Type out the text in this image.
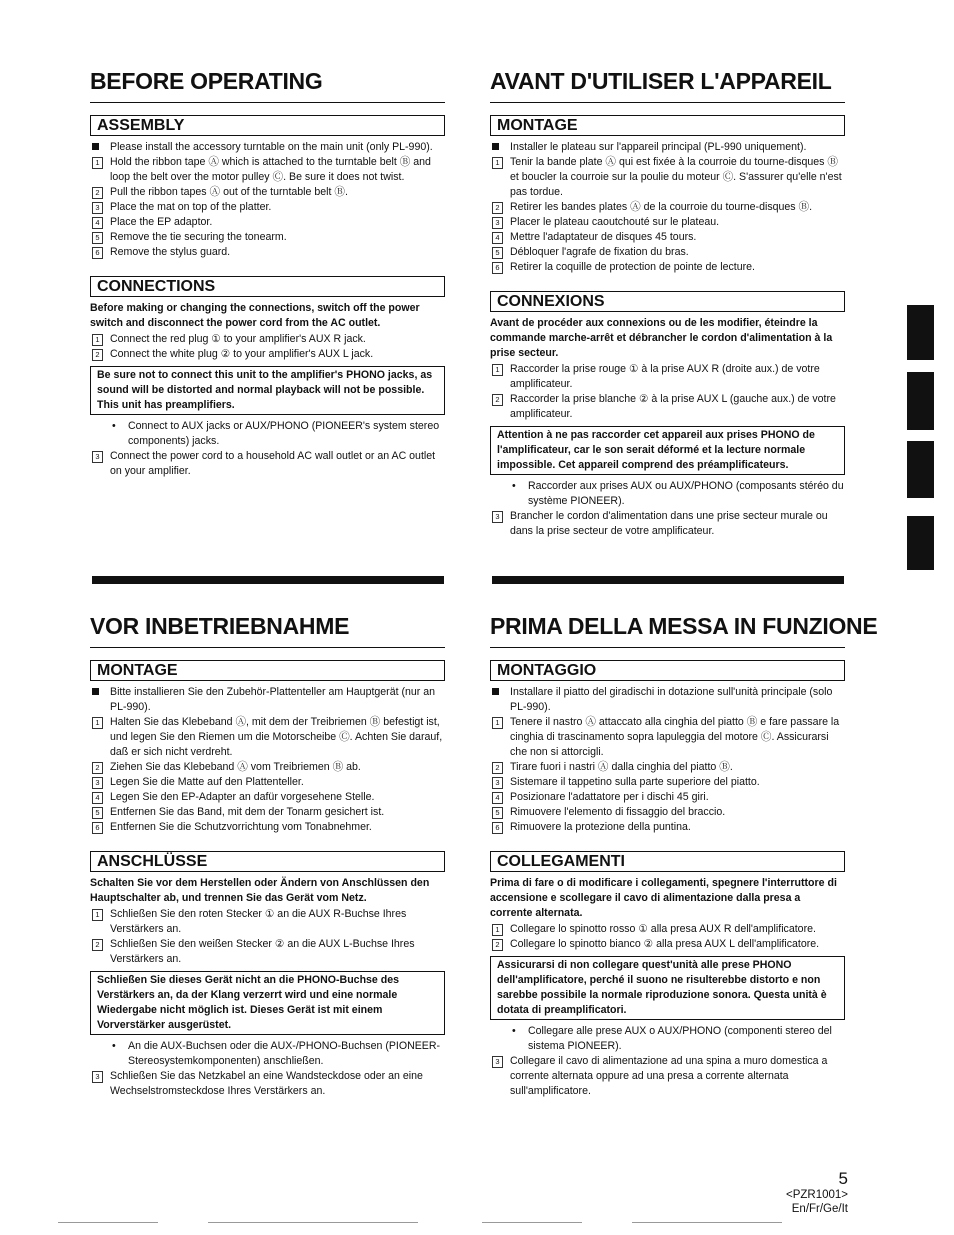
BEFORE OPERATING
ASSEMBLY
Please install the accessory turntable on the main unit (only PL-990).
1 Hold the ribbon tape Ⓐ which is attached to the turntable belt Ⓑ and loop the belt over the motor pulley Ⓒ. Be sure it does not twist.
2 Pull the ribbon tapes Ⓐ out of the turntable belt Ⓑ.
3 Place the mat on top of the platter.
4 Place the EP adaptor.
5 Remove the tie securing the tonearm.
6 Remove the stylus guard.
CONNECTIONS
Before making or changing the connections, switch off the power switch and disconnect the power cord from the AC outlet.
1 Connect the red plug ① to your amplifier's AUX R jack.
2 Connect the white plug ② to your amplifier's AUX L jack.
Be sure not to connect this unit to the amplifier's PHONO jacks, as sound will be distorted and normal playback will not be possible. This unit has preamplifiers.
• Connect to AUX jacks or AUX/PHONO (PIONEER's system stereo components) jacks.
3 Connect the power cord to a household AC wall outlet or an AC outlet on your amplifier.
AVANT D'UTILISER L'APPAREIL
MONTAGE
Installer le plateau sur l'appareil principal (PL-990 uniquement).
1 Tenir la bande plate Ⓐ qui est fixée à la courroie du tourne-disques Ⓑ et boucler la courroie sur la poulie du moteur Ⓒ. S'assurer qu'elle n'est pas tordue.
2 Retirer les bandes plates Ⓐ de la courroie du tourne-disques Ⓑ.
3 Placer le plateau caoutchouté sur le plateau.
4 Mettre l'adaptateur de disques 45 tours.
5 Débloquer l'agrafe de fixation du bras.
6 Retirer la coquille de protection de pointe de lecture.
CONNEXIONS
Avant de procéder aux connexions ou de les modifier, éteindre la commande marche-arrêt et débrancher le cordon d'alimentation à la prise secteur.
1 Raccorder la prise rouge ① à la prise AUX R (droite aux.) de votre amplificateur.
2 Raccorder la prise blanche ② à la prise AUX L (gauche aux.) de votre amplificateur.
Attention à ne pas raccorder cet appareil aux prises PHONO de l'amplificateur, car le son serait déformé et la lecture normale impossible. Cet appareil comprend des préamplificateurs.
• Raccorder aux prises AUX ou AUX/PHONO (composants stéréo du système PIONEER).
3 Brancher le cordon d'alimentation dans une prise secteur murale ou dans la prise secteur de votre amplificateur.
VOR INBETRIEBNAHME
MONTAGE
Bitte installieren Sie den Zubehör-Plattenteller am Hauptgerät (nur an PL-990).
1 Halten Sie das Klebeband Ⓐ, mit dem der Treibriemen Ⓑ befestigt ist, und legen Sie den Riemen um die Motorscheibe Ⓒ. Achten Sie darauf, daß er sich nicht verdreht.
2 Ziehen Sie das Klebeband Ⓐ vom Treibriemen Ⓑ ab.
3 Legen Sie die Matte auf den Plattenteller.
4 Legen Sie den EP-Adapter an dafür vorgesehene Stelle.
5 Entfernen Sie das Band, mit dem der Tonarm gesichert ist.
6 Entfernen Sie die Schutzvorrichtung vom Tonabnehmer.
ANSCHLÜSSE
Schalten Sie vor dem Herstellen oder Ändern von Anschlüssen den Hauptschalter ab, und trennen Sie das Gerät vom Netz.
1 Schließen Sie den roten Stecker ① an die AUX R-Buchse Ihres Verstärkers an.
2 Schließen Sie den weißen Stecker ② an die AUX L-Buchse Ihres Verstärkers an.
Schließen Sie dieses Gerät nicht an die PHONO-Buchse des Verstärkers an, da der Klang verzerrt wird und eine normale Wiedergabe nicht möglich ist. Dieses Gerät ist mit einem Vorverstärker ausgerüstet.
• An die AUX-Buchsen oder die AUX-/PHONO-Buchsen (PIONEER-Stereosystemkomponenten) anschließen.
3 Schließen Sie das Netzkabel an eine Wandsteckdose oder an eine Wechselstromsteckdose Ihres Verstärkers an.
PRIMA DELLA MESSA IN FUNZIONE
MONTAGGIO
Installare il piatto del giradischi in dotazione sull'unità principale (solo PL-990).
1 Tenere il nastro Ⓐ attaccato alla cinghia del piatto Ⓑ e fare passare la cinghia di trascinamento sopra lapuleggia del motore Ⓒ. Assicurarsi che non si attorcigli.
2 Tirare fuori i nastri Ⓐ dalla cinghia del piatto Ⓑ.
3 Sistemare il tappetino sulla parte superiore del piatto.
4 Posizionare l'adattatore per i dischi 45 giri.
5 Rimuovere l'elemento di fissaggio del braccio.
6 Rimuovere la protezione della puntina.
COLLEGAMENTI
Prima di fare o di modificare i collegamenti, spegnere l'interruttore di accensione e scollegare il cavo di alimentazione dalla presa a corrente alternata.
1 Collegare lo spinotto rosso ① alla presa AUX R dell'amplificatore.
2 Collegare lo spinotto bianco ② alla presa AUX L dell'amplificatore.
Assicurarsi di non collegare quest'unità alle prese PHONO dell'amplificatore, perché il suono ne risulterebbe distorto e non sarebbe possibile la normale riproduzione sonora. Questa unità è dotata di preamplificatori.
• Collegare alle prese AUX o AUX/PHONO (componenti stereo del sistema PIONEER).
3 Collegare il cavo di alimentazione ad una spina a muro domestica a corrente alternata oppure ad una presa a corrente alternata sull'amplificatore.
5
<PZR1001>
En/Fr/Ge/It
